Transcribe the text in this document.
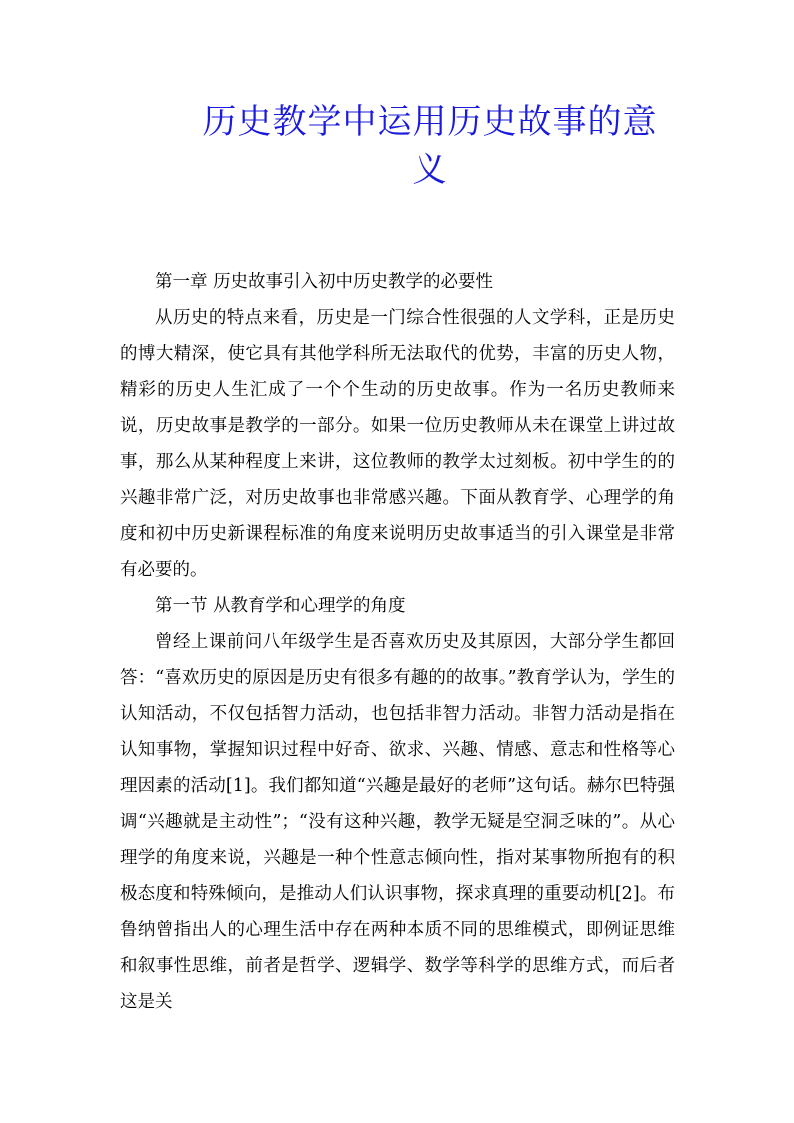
历史教学中运用历史故事的意义

第一章 历史故事引入初中历史教学的必要性

从历史的特点来看，历史是一门综合性很强的人文学科，正是历史的博大精深，使它具有其他学科所无法取代的优势，丰富的历史人物，精彩的历史人生汇成了一个个生动的历史故事。作为一名历史教师来说，历史故事是教学的一部分。如果一位历史教师从未在课堂上讲过故事，那么从某种程度上来讲，这位教师的教学太过刻板。初中学生的的兴趣非常广泛，对历史故事也非常感兴趣。下面从教育学、心理学的角度和初中历史新课程标准的角度来说明历史故事适当的引入课堂是非常有必要的。

第一节 从教育学和心理学的角度

曾经上课前问八年级学生是否喜欢历史及其原因，大部分学生都回答：“喜欢历史的原因是历史有很多有趣的的故事。”教育学认为，学生的认知活动，不仅包括智力活动，也包括非智力活动。非智力活动是指在认知事物，掌握知识过程中好奇、欲求、兴趣、情感、意志和性格等心理因素的活动[1]。我们都知道“兴趣是最好的老师”这句话。赫尔巴特强调“兴趣就是主动性”；“没有这种兴趣，教学无疑是空洞乏味的”。从心理学的角度来说，兴趣是一种个性意志倾向性，指对某事物所抱有的积极态度和特殊倾向，是推动人们认识事物，探求真理的重要动机[2]。布鲁纳曾指出人的心理生活中存在两种本质不同的思维模式，即例证思维和叙事性思维，前者是哲学、逻辑学、数学等科学的思维方式，而后者这是关
